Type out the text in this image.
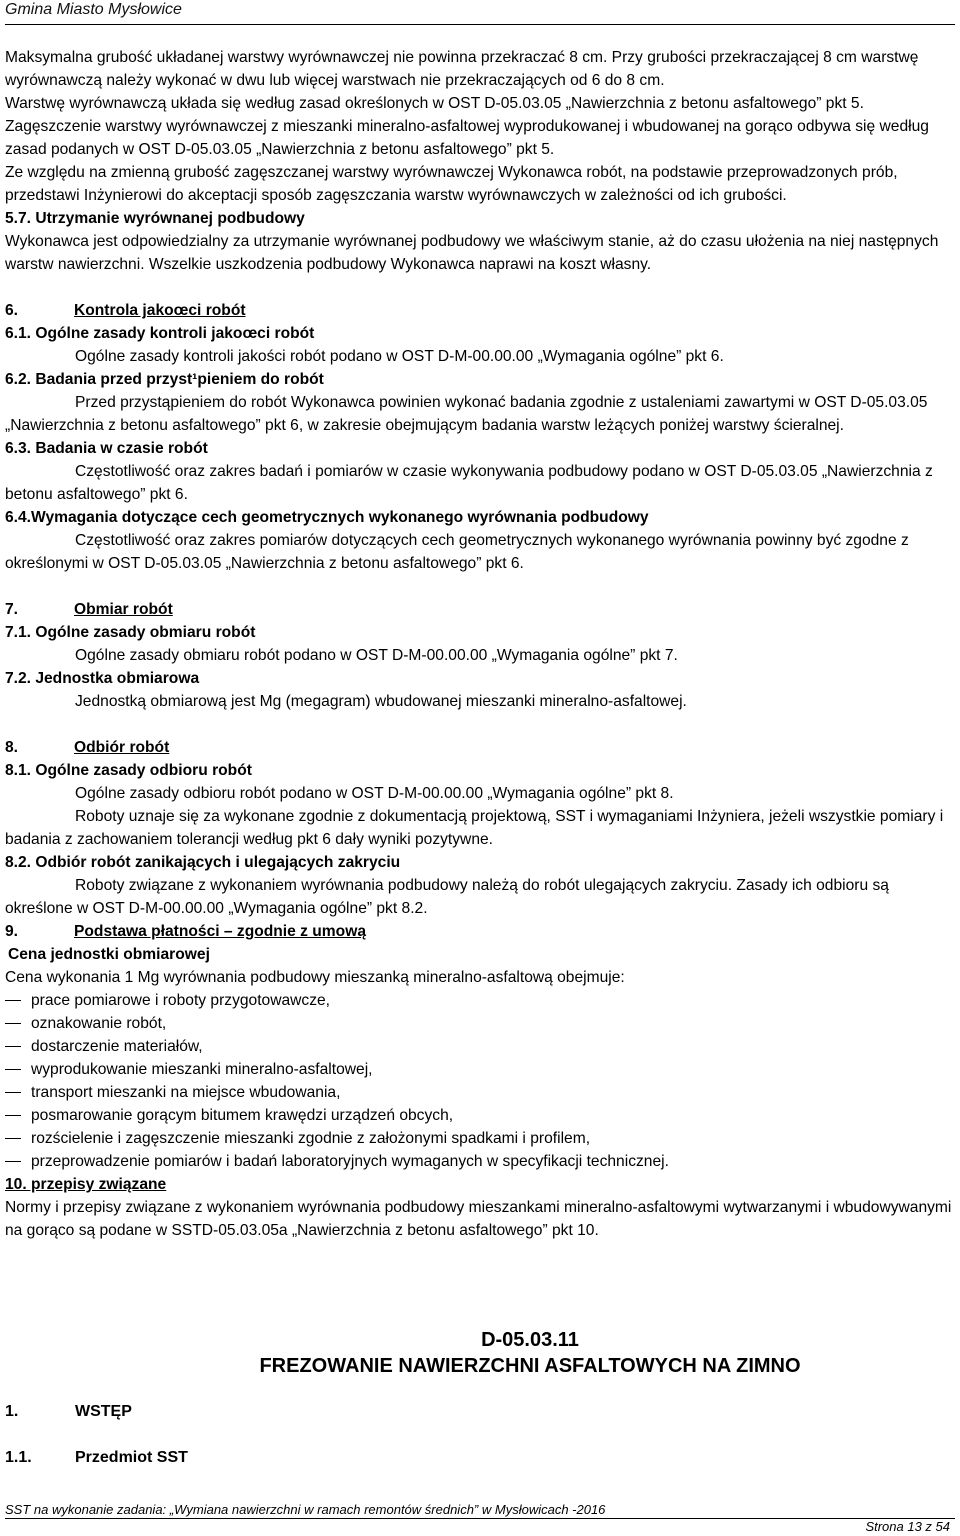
Gmina Miasto Mysłowice

Maksymalna grubość układanej warstwy wyrównawczej nie powinna przekraczać 8 cm. Przy grubości przekraczającej 8 cm warstwę wyrównawczą należy wykonać w dwu lub więcej warstwach nie przekraczających od 6 do 8 cm.

Warstwę wyrównawczą układa się według zasad określonych w OST D-05.03.05 „Nawierzchnia z betonu asfaltowego” pkt 5.

Zagęszczenie warstwy wyrównawczej z mieszanki mineralno-asfaltowej wyprodukowanej i wbudowanej na gorąco odbywa się według zasad podanych w OST D-05.03.05 „Nawierzchnia z betonu asfaltowego” pkt 5.

Ze względu na zmienną grubość zagęszczanej warstwy wyrównawczej Wykonawca robót, na podstawie przeprowadzonych prób, przedstawi Inżynierowi do akceptacji sposób zagęszczania warstw wyrównawczych w zależności od ich grubości.

5.7. Utrzymanie wyrównanej podbudowy

Wykonawca jest odpowiedzialny za utrzymanie wyrównanej podbudowy we właściwym stanie, aż do czasu ułożenia na niej następnych warstw nawierzchni. Wszelkie uszkodzenia podbudowy Wykonawca naprawi na koszt własny.

6.	Kontrola jakoœci robót

6.1. Ogólne zasady kontroli jakoœci robót

Ogólne zasady kontroli jakości robót podano w OST D-M-00.00.00 „Wymagania ogólne” pkt 6.

6.2. Badania przed przyst¹pieniem do robót

Przed przystąpieniem do robót Wykonawca powinien wykonać badania zgodnie z ustaleniami zawartymi w OST D-05.03.05 „Nawierzchnia z betonu asfaltowego” pkt 6, w zakresie obejmującym badania warstw leżących poniżej warstwy ścieralnej.

6.3. Badania w czasie robót

Częstotliwość oraz zakres badań i pomiarów w czasie wykonywania podbudowy podano w OST D-05.03.05 „Nawierzchnia z betonu asfaltowego” pkt 6.

6.4.Wymagania dotyczące cech geometrycznych wykonanego wyrównania podbudowy

Częstotliwość oraz zakres pomiarów dotyczących cech geometrycznych wykonanego wyrównania powinny być zgodne z określonymi w OST D-05.03.05 „Nawierzchnia z betonu asfaltowego” pkt 6.

7.	Obmiar robót

7.1. Ogólne zasady obmiaru robót

Ogólne zasady obmiaru robót podano w OST D-M-00.00.00 „Wymagania ogólne” pkt 7.

7.2. Jednostka obmiarowa

Jednostką obmiarową jest Mg (megagram) wbudowanej mieszanki mineralno-asfaltowej.

8.	Odbiór robót

8.1. Ogólne zasady odbioru robót

Ogólne zasady odbioru robót podano w OST D-M-00.00.00 „Wymagania ogólne” pkt 8.

Roboty uznaje się za wykonane zgodnie z dokumentacją projektową, SST i wymaganiami Inżyniera, jeżeli wszystkie pomiary i badania z zachowaniem tolerancji według pkt 6 dały wyniki pozytywne.

8.2. Odbiór robót zanikających i ulegających zakryciu

Roboty związane z wykonaniem wyrównania podbudowy należą do robót ulegających zakryciu. Zasady ich odbioru są określone w OST D-M-00.00.00 „Wymagania ogólne” pkt 8.2.

9.	Podstawa płatności – zgodnie z umową

Cena jednostki obmiarowej

Cena wykonania 1 Mg wyrównania podbudowy mieszanką mineralno-asfaltową obejmuje:

prace pomiarowe i roboty przygotowawcze,

oznakowanie robót,

dostarczenie materiałów,

wyprodukowanie mieszanki mineralno-asfaltowej,

transport mieszanki na miejsce wbudowania,

posmarowanie gorącym bitumem krawędzi urządzeń obcych,

rozścielenie i zagęszczenie mieszanki zgodnie z założonymi spadkami i profilem,

przeprowadzenie pomiarów i badań laboratoryjnych wymaganych w specyfikacji technicznej.

10. przepisy związane

Normy i przepisy związane z wykonaniem wyrównania podbudowy mieszankami mineralno-asfaltowymi wytwarzanymi i wbudowywanymi na gorąco są podane w SSTD-05.03.05a „Nawierzchnia z betonu asfaltowego” pkt 10.

D-05.03.11
FREZOWANIE NAWIERZCHNI ASFALTOWYCH NA ZIMNO
1.	WSTĘP
1.1.	Przedmiot SST
SST na wykonanie zadania: „Wymiana nawierzchni w ramach remontów średnich” w Mysłowicach -2016
Strona 13 z 54
